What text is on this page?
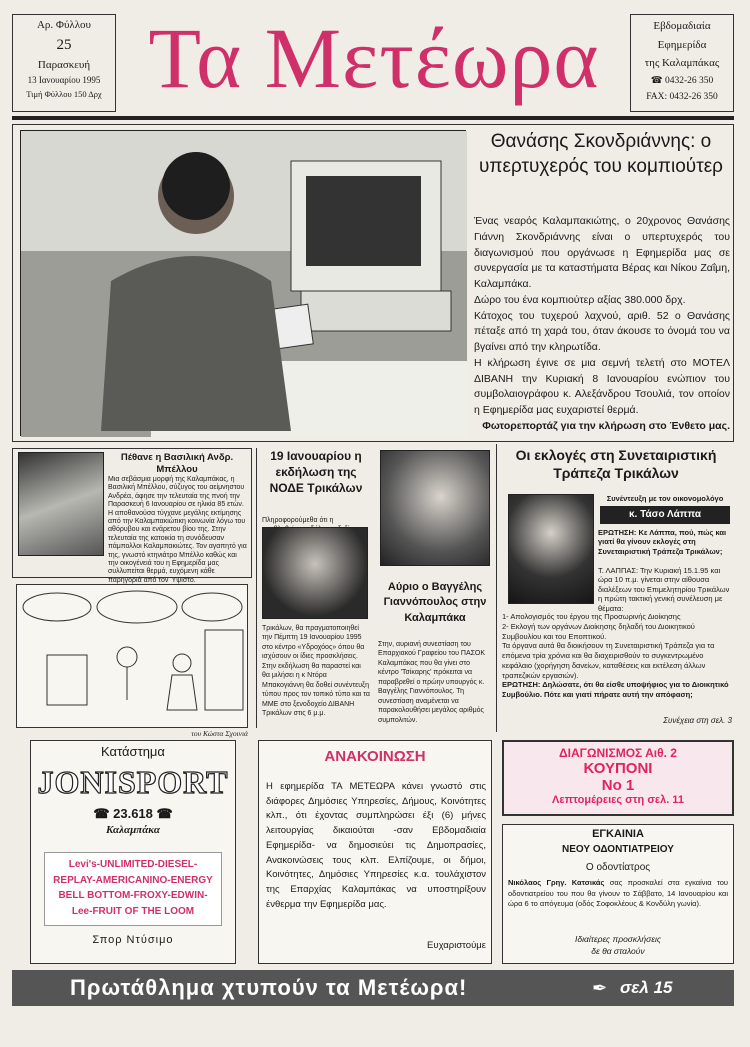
Αρ. Φύλλου
25
Παρασκευή
13 Ιανουαρίου 1995
Τιμή Φύλλου 150 Δρχ Τα Μετέωρα	Εβδομαδιαία
Εφημερίδα
της Καλαμπάκας
☎ 0432-26 350
FAX: 0432-26 350
Θανάσης Σκονδριάννης: ο υπερτυχερός του κομπιούτερ

Ένας νεαρός Καλαμπακιώτης, ο 20χρονος Θανάσης Γιάννη Σκονδριάννης είναι ο υπερτυχερός του διαγωνισμού που οργάνωσε η Εφημερίδα μας σε συνεργασία με τα καταστήματα Βέρας και Νίκου Ζαΐμη, Καλαμπάκα.

Δώρο του ένα κομπιούτερ αξίας 380.000 δρχ.

Κάτοχος του τυχερού λαχνού, αριθ. 52 ο Θανάσης πέταξε από τη χαρά του, όταν άκουσε το όνομά του να βγαίνει από την κληρωτίδα.

Η κλήρωση έγινε σε μια σεμνή τελετή στο ΜΟΤΕΛ ΔΙΒΑΝΗ την Κυριακή 8 Ιανουαρίου ενώπιον του συμβολαιογράφου κ. Αλεξάνδρου Τσουλιά, τον οποίον η Εφημερίδα μας ευχαριστεί θερμά.

Φωτορεπορτάζ για την κλήρωση στο Ένθετο μας.
Πέθανε η Βασιλική Ανδρ. Μπέλλου
Μια σεβάσμια μορφή της Καλαμπάκας, η Βασιλική Μπέλλου, σύζυγος του αείμνηστου Ανδρέα, άφησε την τελευταία της πνοή την Παρασκευή 6 Ιανουαρίου σε ηλικία 85 ετών. Η αποθανούσα τύγχανε μεγάλης εκτίμησης από την Καλαμπακιώτικη κοινωνία λόγω του αθόρυβου και ενάρετου βίου της. Στην τελευταία της κατοικία τη συνόδευσαν πάμπολλοι Καλαμπακιώτες. Τον αγαπητό για της, γνωστό κτηνιάτρο Μπέλλο καθώς και την οικογένειά του η Εφημερίδα μας συλλυπείται θερμά, ευχόμενη κάθε παρηγοριά από τον Ύψιστο.
του Κώστα Σχοινιά
19 Ιανουαρίου η εκδήλωση της ΝΟΔΕ Τρικάλων
Πληροφορούμεθα ότι η
Τρικάλων, θα πραγματοποιηθεί την Πέμπτη 19 Ιανουαρίου 1995 στο κέντρο «Υδροχόος» όπου θα ισχύσουν οι ίδιες προσκλήσεις. Στην εκδήλωση θα παραστεί και θα μιλήσει η κ Ντόρα Μπακογιάννη θα δοθεί συνέντευξη τύπου προς τον τοπικό τύπο και τα ΜΜΕ στο ξενοδοχείο ΔΙΒΑΝΗ Τρικάλων στις 6 μ.μ.
Αύριο ο Βαγγέλης Γιαννόπουλος στην Καλαμπάκα
Στην, αυριανή συνεστίαση του Επαρχιακού Γραφείου του ΠΑΣΟΚ Καλαμπάκας που θα γίνει στο κέντρο 'Τσίκαρης' πρόκειται να παραβρεθεί ο πρώην υπουργός κ. Βαγγέλης Γιαννόπουλος. Τη συνεστίαση αναμένεται να παρακολουθήσει μεγάλος αριθμός συμπολιτών.
Οι εκλογές στη Συνεταιριστική Τράπεζα Τρικάλων
Συνέντευξη με τον οικονομολόγο
κ. Τάσο Λάππα
ΕΡΩΤΗΣΗ: Κε Λάππα, πού, πώς και γιατί θα γίνουν εκλογές στη Συνεταιριστική Τράπεζα Τρικάλων;
Τ. ΛΑΠΠΑΣ: Την Κυριακή 15.1.95 και ώρα 10 π.μ. γίνεται στην αίθουσα διαλέξεων του Επιμελητηρίου Τρικάλων η πρώτη τακτική γενική συνέλευση με θέματα:

1- Απολογισμός του έργου της Προσωρινής Διοίκησης

2- Εκλογή των οργάνων Διοίκησης δηλαδή του Διοικητικού Συμβουλίου και του Εποπτικού.

Τα όργανα αυτά θα διοικήσουν τη Συνεταιριστική Τράπεζα για τα επόμενα τρία χρόνια και θα διαχειρισθούν το συγκεντρωμένο κεφάλαιο (χορήγηση δανείων, καταθέσεις και εκτέλεση άλλων τραπεζικών εργασιών).

ΕΡΩΤΗΣΗ: Δηλώσατε, ότι θα είσθε υποψήφιος για το Διοικητικό Συμβούλιο. Πότε και γιατί πήρατε αυτή την απόφαση;

Συνέχεια στη σελ. 3
Κατάστημα
JONISPORT
☎ 23.618 ☎
Καλαμπάκα
Levi's-UNLIMITED-DIESEL-
REPLAY-AMERICANINO-ENERGY
BELL BOTTOM-FROXY-EDWIN-
Lee-FRUIT OF THE LOOM
Σπορ Ντύσιμο
ΑΝΑΚΟΙΝΩΣΗ
Η εφημερίδα ΤΑ ΜΕΤΕΩΡΑ κάνει γνωστό στις διάφορες Δημόσιες Υπηρεσίες, Δήμους, Κοινότητες κλπ., ότι έχοντας συμπληρώσει έξι (6) μήνες λειτουργίας δικαιούται -σαν Εβδομαδιαία Εφημερίδα- να δημοσιεύει τις Δημοπρασίες, Ανακοινώσεις τους κλπ. Ελπίζουμε, οι δήμοι, Κοινότητες, Δημόσιες Υπηρεσίες κ.α. τουλάχιστον της Επαρχίας Καλαμπάκας να υποστηρίξουν ένθερμα την Εφημερίδα μας.
Ευχαριστούμε
ΔΙΑΓΩΝΙΣΜΟΣ Αιθ. 2
ΚΟΥΠΟΝΙ
Νο 1
Λεπτομέρειες στη σελ. 11
ΕΓΚΑΙΝΙΑ
ΝΕΟΥ ΟΔΟΝΤΙΑΤΡΕΙΟΥ
Ο οδοντίατρος
Νικόλαος Γρηγ. Κατσικάς σας προσκαλεί στα εγκαίνια του οδοντιατρείου του που θα γίνουν το Σάββατο, 14 Ιανουαρίου και ώρα 6 το απόγευμα (οδός Σοφοκλέους & Κονδύλη γωνία).
Ιδιαίτερες προσκλήσεις
δε θα σταλούν
Πρωτάθλημα χτυπούν τα Μετέωρα!	✒ σελ 15
